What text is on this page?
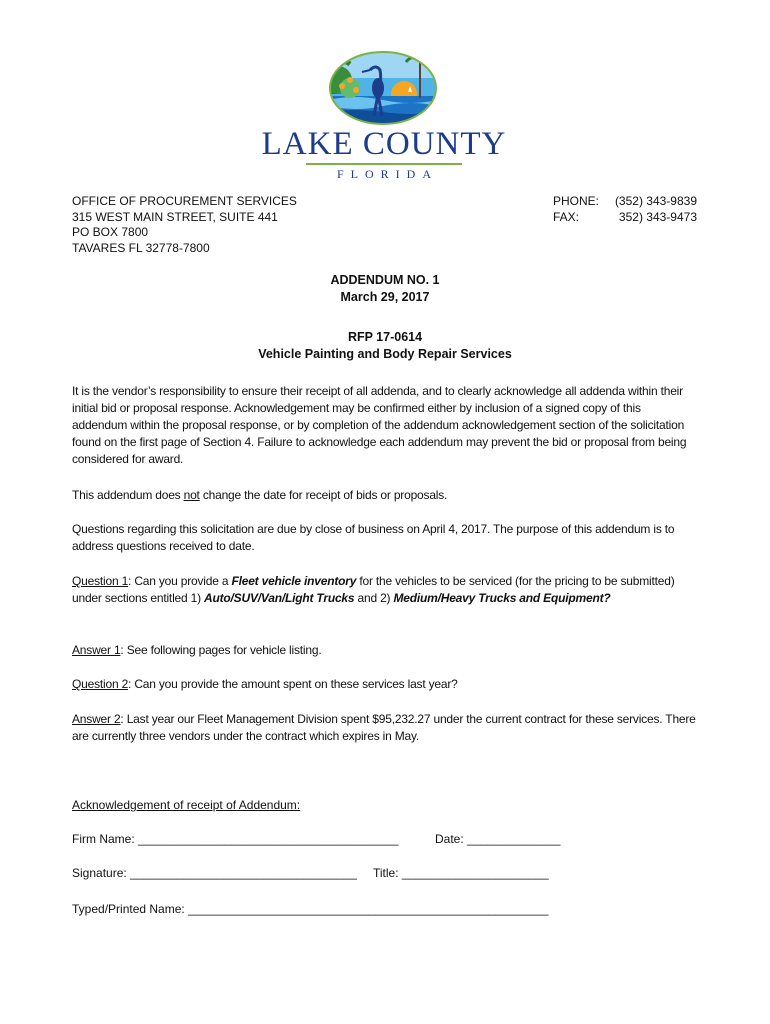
LAKE COUNTY
FLORIDA
OFFICE OF PROCUREMENT SERVICES
315 WEST MAIN STREET, SUITE 441
PO BOX 7800
TAVARES FL 32778-7800
PHONE: (352) 343-9839
FAX:	352) 343-9473
ADDENDUM NO. 1
March 29, 2017
RFP 17-0614
Vehicle Painting and Body Repair Services
It is the vendor’s responsibility to ensure their receipt of all addenda, and to clearly acknowledge all addenda within their initial bid or proposal response. Acknowledgement may be confirmed either by inclusion of a signed copy of this addendum within the proposal response, or by completion of the addendum acknowledgement section of the solicitation found on the first page of Section 4. Failure to acknowledge each addendum may prevent the bid or proposal from being considered for award.
This addendum does not change the date for receipt of bids or proposals.
Questions regarding this solicitation are due by close of business on April 4, 2017. The purpose of this addendum is to address questions received to date.
Question 1: Can you provide a Fleet vehicle inventory for the vehicles to be serviced (for the pricing to be submitted) under sections entitled 1) Auto/SUV/Van/Light Trucks and 2) Medium/Heavy Trucks and Equipment?
Answer 1: See following pages for vehicle listing.
Question 2: Can you provide the amount spent on these services last year?
Answer 2: Last year our Fleet Management Division spent $95,232.27 under the current contract for these services. There are currently three vendors under the contract which expires in May.
Acknowledgement of receipt of Addendum:
Firm Name: _______________________________________	Date: ______________
Signature: __________________________________ Title: ______________________
Typed/Printed Name: ______________________________________________________
